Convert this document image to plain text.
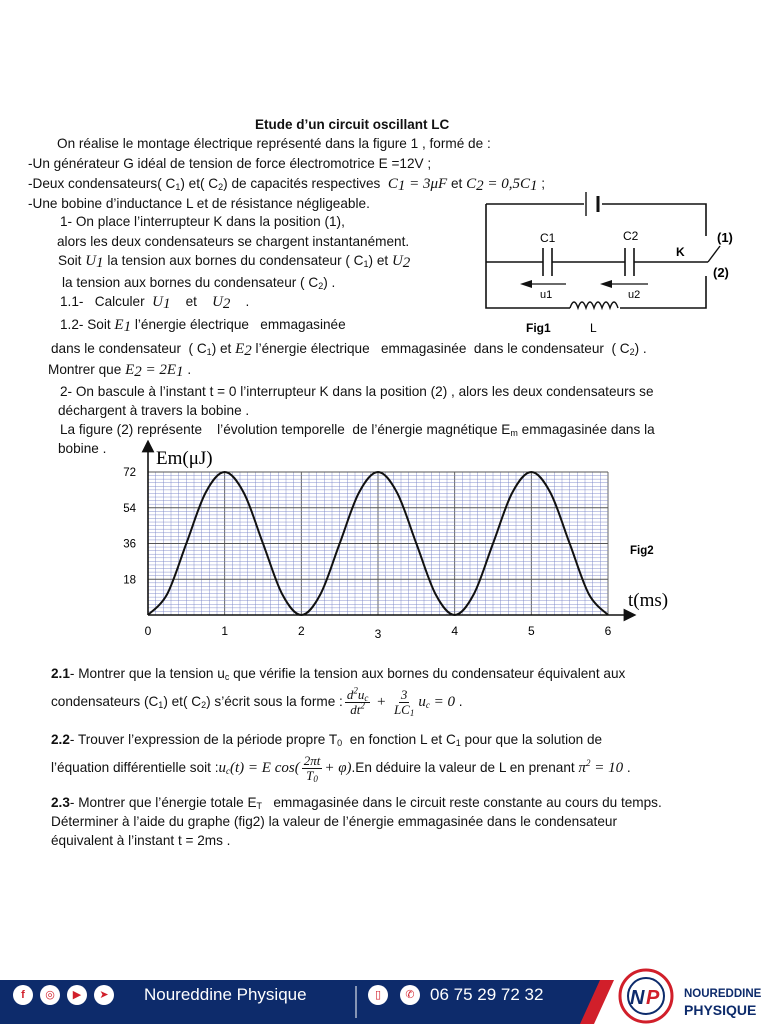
Etude d’un circuit oscillant LC
On réalise le montage électrique représenté dans la figure 1 , formé de :
-Un générateur G idéal de tension de force électromotrice E =12V ;
-Deux condensateurs( $C_1$) et( $C_2$) de capacités respectives  $C_1 = 3\mu F$ et $C_2 = 0,5C_1$ ;
-Une bobine d’inductance L et de résistance négligeable.
1- On place l’interrupteur K dans la position (1),
alors les deux condensateurs se chargent instantanément.
Soit $U_1$ la tension aux bornes du condensateur ( $C_1$) et $U_2$
la tension aux bornes du condensateur ( $C_2$) .
1.1-   Calculer  $U_1$    et    $U_2$    .
1.2- Soit $E_1$ l’énergie électrique   emmagasinée
dans le condensateur  ( $C_1$) et $E_2$ l’énergie électrique   emmagasinée  dans le condensateur  ( $C_2$) .
Montrer que $E_2 = 2E_1$ .
2- On bascule à l’instant t = 0 l’interrupteur K dans la position (2) , alors les deux condensateurs se
déchargent à travers la bobine .
La figure (2) représente    l’évolution temporelle  de l’énergie magnétique $E_m$ emmagasinée dans la
bobine .
C1	C2
K
(1)
(2)
u1	u2
L
Fig1
0	1	2	3	4	5	6
18
36
54
72
Em(μJ)
t(ms)
Fig2
2.1- Montrer que la tension $u_c$ que vérifie la tension aux bornes du condensateur équivalent aux
condensateurs $(C_1)$ et( $C_2$) s’écrit sous la forme : $\frac{d^2u_c}{dt^2} + \frac{3}{LC_1} u_c = 0$ .
2.2- Trouver l’expression de la période propre $T_0$  en fonction L et $C_1$ pour que la solution de
l’équation différentielle soit $:u_c(t) = E$ $\cos( \frac{2\pi t}{T_0} + \varphi).En$ déduire la valeur de L en prenant $\pi^2 = 10$ .
2.3- Montrer que l’énergie totale $E_T$   emmagasinée dans le circuit reste constante au cours du temps.
Déterminer à l’aide du graphe (fig2) la valeur de l’énergie emmagasinée dans le condensateur
équivalent à l’instant t = 2ms .
f	◎	▶	➤	Noureddine Physique	▯	✆ 06 75 29 72 32	N P NOUREDDINE
PHYSIQUE
